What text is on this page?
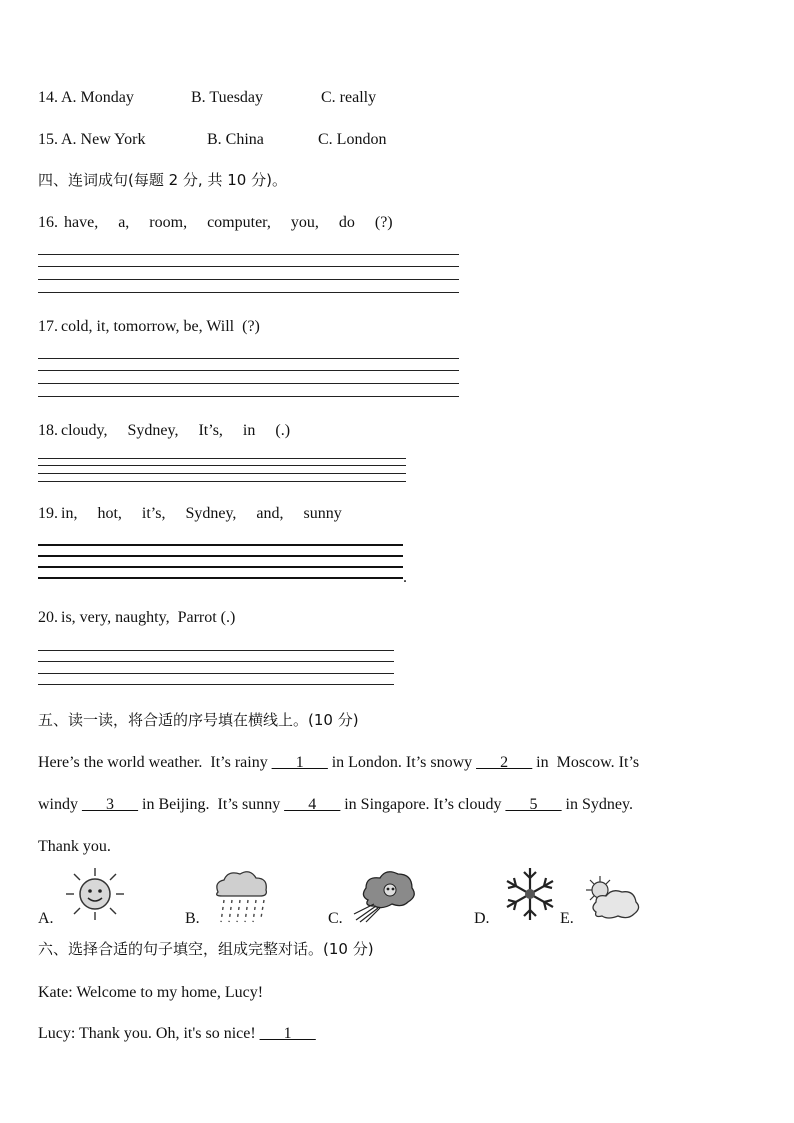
14. A. Monday	B. Tuesday	C. really
15. A. New York	B. China	C. London
四、连词成句(每题 2 分, 共 10 分)。
16. have,     a,     room,     computer,     you,     do     (?)
17. cold, it, tomorrow, be, Will  (?)
18. cloudy,     Sydney,     It’s,     in     (.)
19. in,     hot,     it’s,     Sydney,     and,     sunny
.
20. is, very, naughty,  Parrot (.)
五、读一读，将合适的序号填在横线上。(10 分)
Here’s the world weather.  It’s rainy ___1___ in London. It’s snowy ___2___ in  Moscow. It’s
windy ___3___ in Beijing.  It’s sunny ___4___ in Singapore. It’s cloudy ___5___ in Sydney.
Thank you.
A.	B.	C.	D.	E.
六、选择合适的句子填空，组成完整对话。(10 分)
Kate: Welcome to my home, Lucy!
Lucy: Thank you. Oh, it's so nice! ___1___
